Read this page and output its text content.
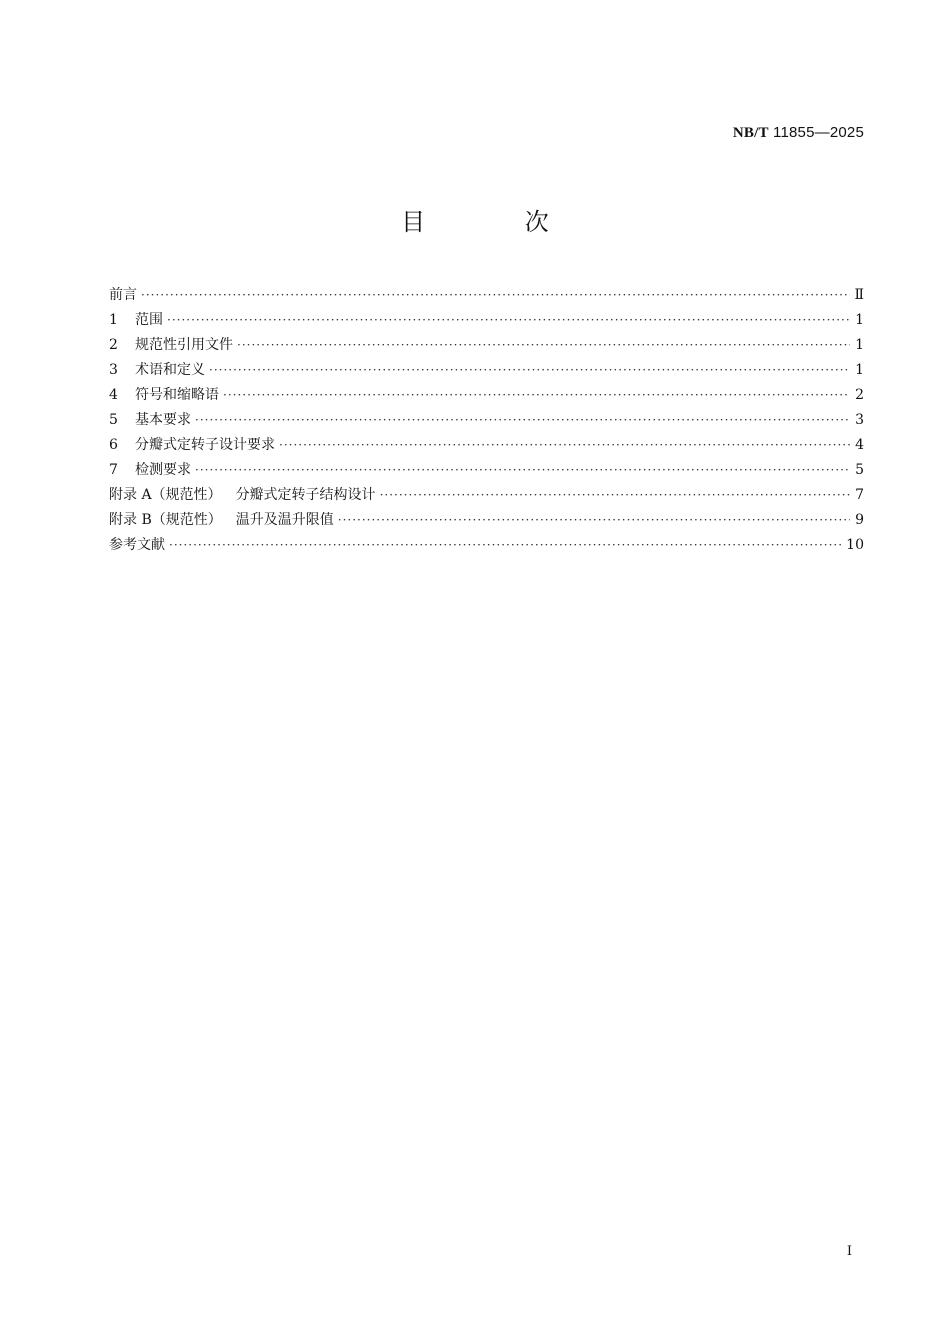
NB/T 11855—2025
目 次
前言 ·····	Ⅱ
1	范围 ·····	1
2	规范性引用文件 ·····	1
3	术语和定义 ·····	1
4	符号和缩略语 ·····	2
5	基本要求 ·····	3
6	分瓣式定转子设计要求 ·····	4
7	检测要求 ·····	5
附录 A（规范性）	分瓣式定转子结构设计 ·····	7
附录 B（规范性）	温升及温升限值 ·····	9
参考文献 ·····	10
I
